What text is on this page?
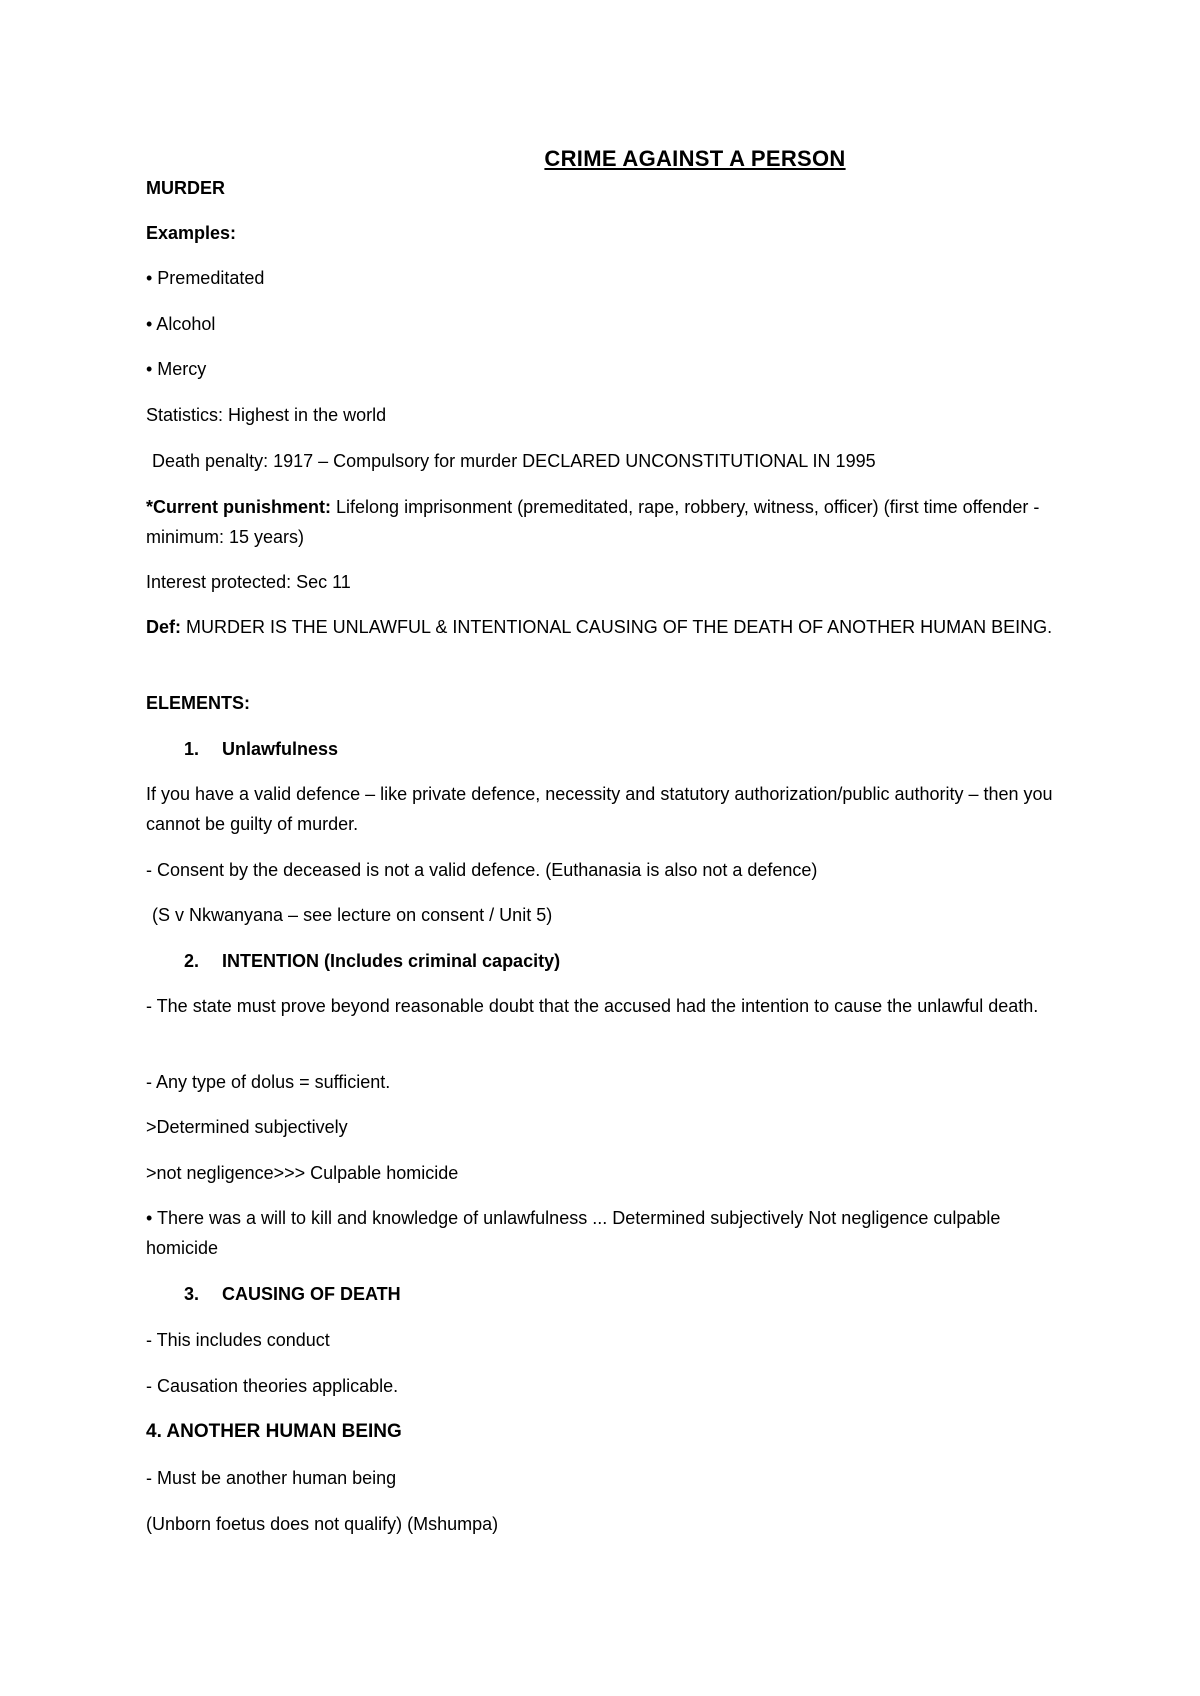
CRIME AGAINST A PERSON
MURDER
Examples:
• Premeditated
• Alcohol
• Mercy
Statistics: Highest in the world
Death penalty: 1917 – Compulsory for murder DECLARED UNCONSTITUTIONAL IN 1995
*Current punishment: Lifelong imprisonment (premeditated, rape, robbery, witness, officer) (first time offender - minimum: 15 years)
Interest protected: Sec 11
Def: MURDER IS THE UNLAWFUL & INTENTIONAL CAUSING OF THE DEATH OF ANOTHER HUMAN BEING.
ELEMENTS:
1. Unlawfulness
If you have a valid defence – like private defence, necessity and statutory authorization/public authority – then you cannot be guilty of murder.
- Consent by the deceased is not a valid defence. (Euthanasia is also not a defence)
(S v Nkwanyana – see lecture on consent / Unit 5)
2. INTENTION (Includes criminal capacity)
- The state must prove beyond reasonable doubt that the accused had the intention to cause the unlawful death.
- Any type of dolus = sufficient.
>Determined subjectively
>not negligence>>> Culpable homicide
• There was a will to kill and knowledge of unlawfulness ... Determined subjectively Not negligence culpable homicide
3. CAUSING OF DEATH
- This includes conduct
- Causation theories applicable.
4. ANOTHER HUMAN BEING
- Must be another human being
(Unborn foetus does not qualify) (Mshumpa)
